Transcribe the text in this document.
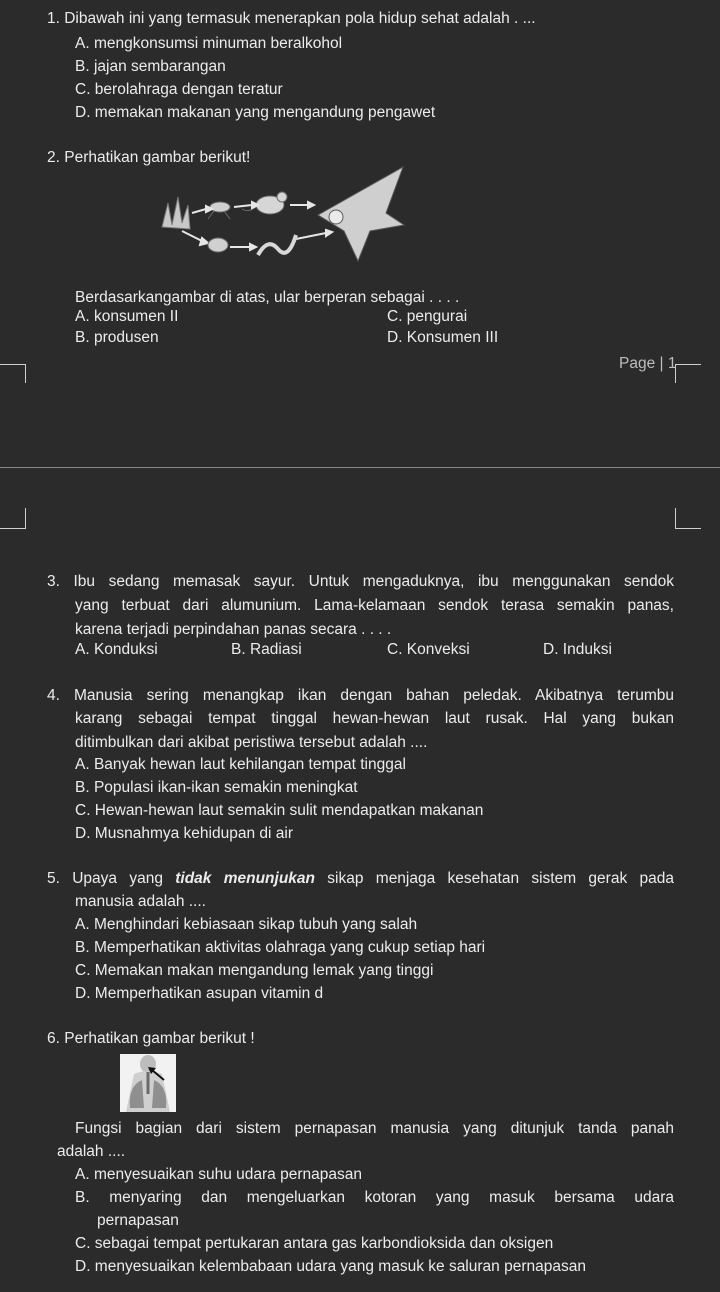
1. Dibawah ini yang termasuk menerapkan pola hidup sehat adalah . ...
A. mengkonsumsi minuman beralkohol
B. jajan sembarangan
C. berolahraga dengan teratur
D. memakan makanan yang mengandung pengawet
2. Perhatikan gambar berikut!
Berdasarkangambar di atas, ular berperan sebagai . . . .
A. konsumen II	C. pengurai
B. produsen	D. Konsumen III
Page | 1
3. Ibu sedang memasak sayur. Untuk mengaduknya, ibu menggunakan sendok
yang terbuat dari alumunium. Lama-kelamaan sendok terasa semakin panas,
karena terjadi perpindahan panas secara . . . .
A. Konduksi	B. Radiasi	C. Konveksi	D. Induksi
4. Manusia sering menangkap ikan dengan bahan peledak. Akibatnya terumbu
karang sebagai tempat tinggal hewan-hewan laut rusak. Hal yang bukan
ditimbulkan dari akibat peristiwa tersebut adalah ....
A. Banyak hewan laut kehilangan tempat tinggal
B. Populasi ikan-ikan semakin meningkat
C. Hewan-hewan laut semakin sulit mendapatkan makanan
D. Musnahmya kehidupan di air
5. Upaya yang tidak menunjukan sikap menjaga kesehatan sistem gerak pada
manusia adalah ....
A. Menghindari kebiasaan sikap tubuh yang salah
B. Memperhatikan aktivitas olahraga yang cukup setiap hari
C. Memakan makan mengandung lemak yang tinggi
D. Memperhatikan asupan vitamin d
6. Perhatikan gambar berikut !
Fungsi bagian dari sistem pernapasan manusia yang ditunjuk tanda panah
adalah ....
A. menyesuaikan suhu udara pernapasan
B. menyaring dan mengeluarkan kotoran yang masuk bersama udara
pernapasan
C. sebagai tempat pertukaran antara gas karbondioksida dan oksigen
D. menyesuaikan kelembabaan udara yang masuk ke saluran pernapasan
